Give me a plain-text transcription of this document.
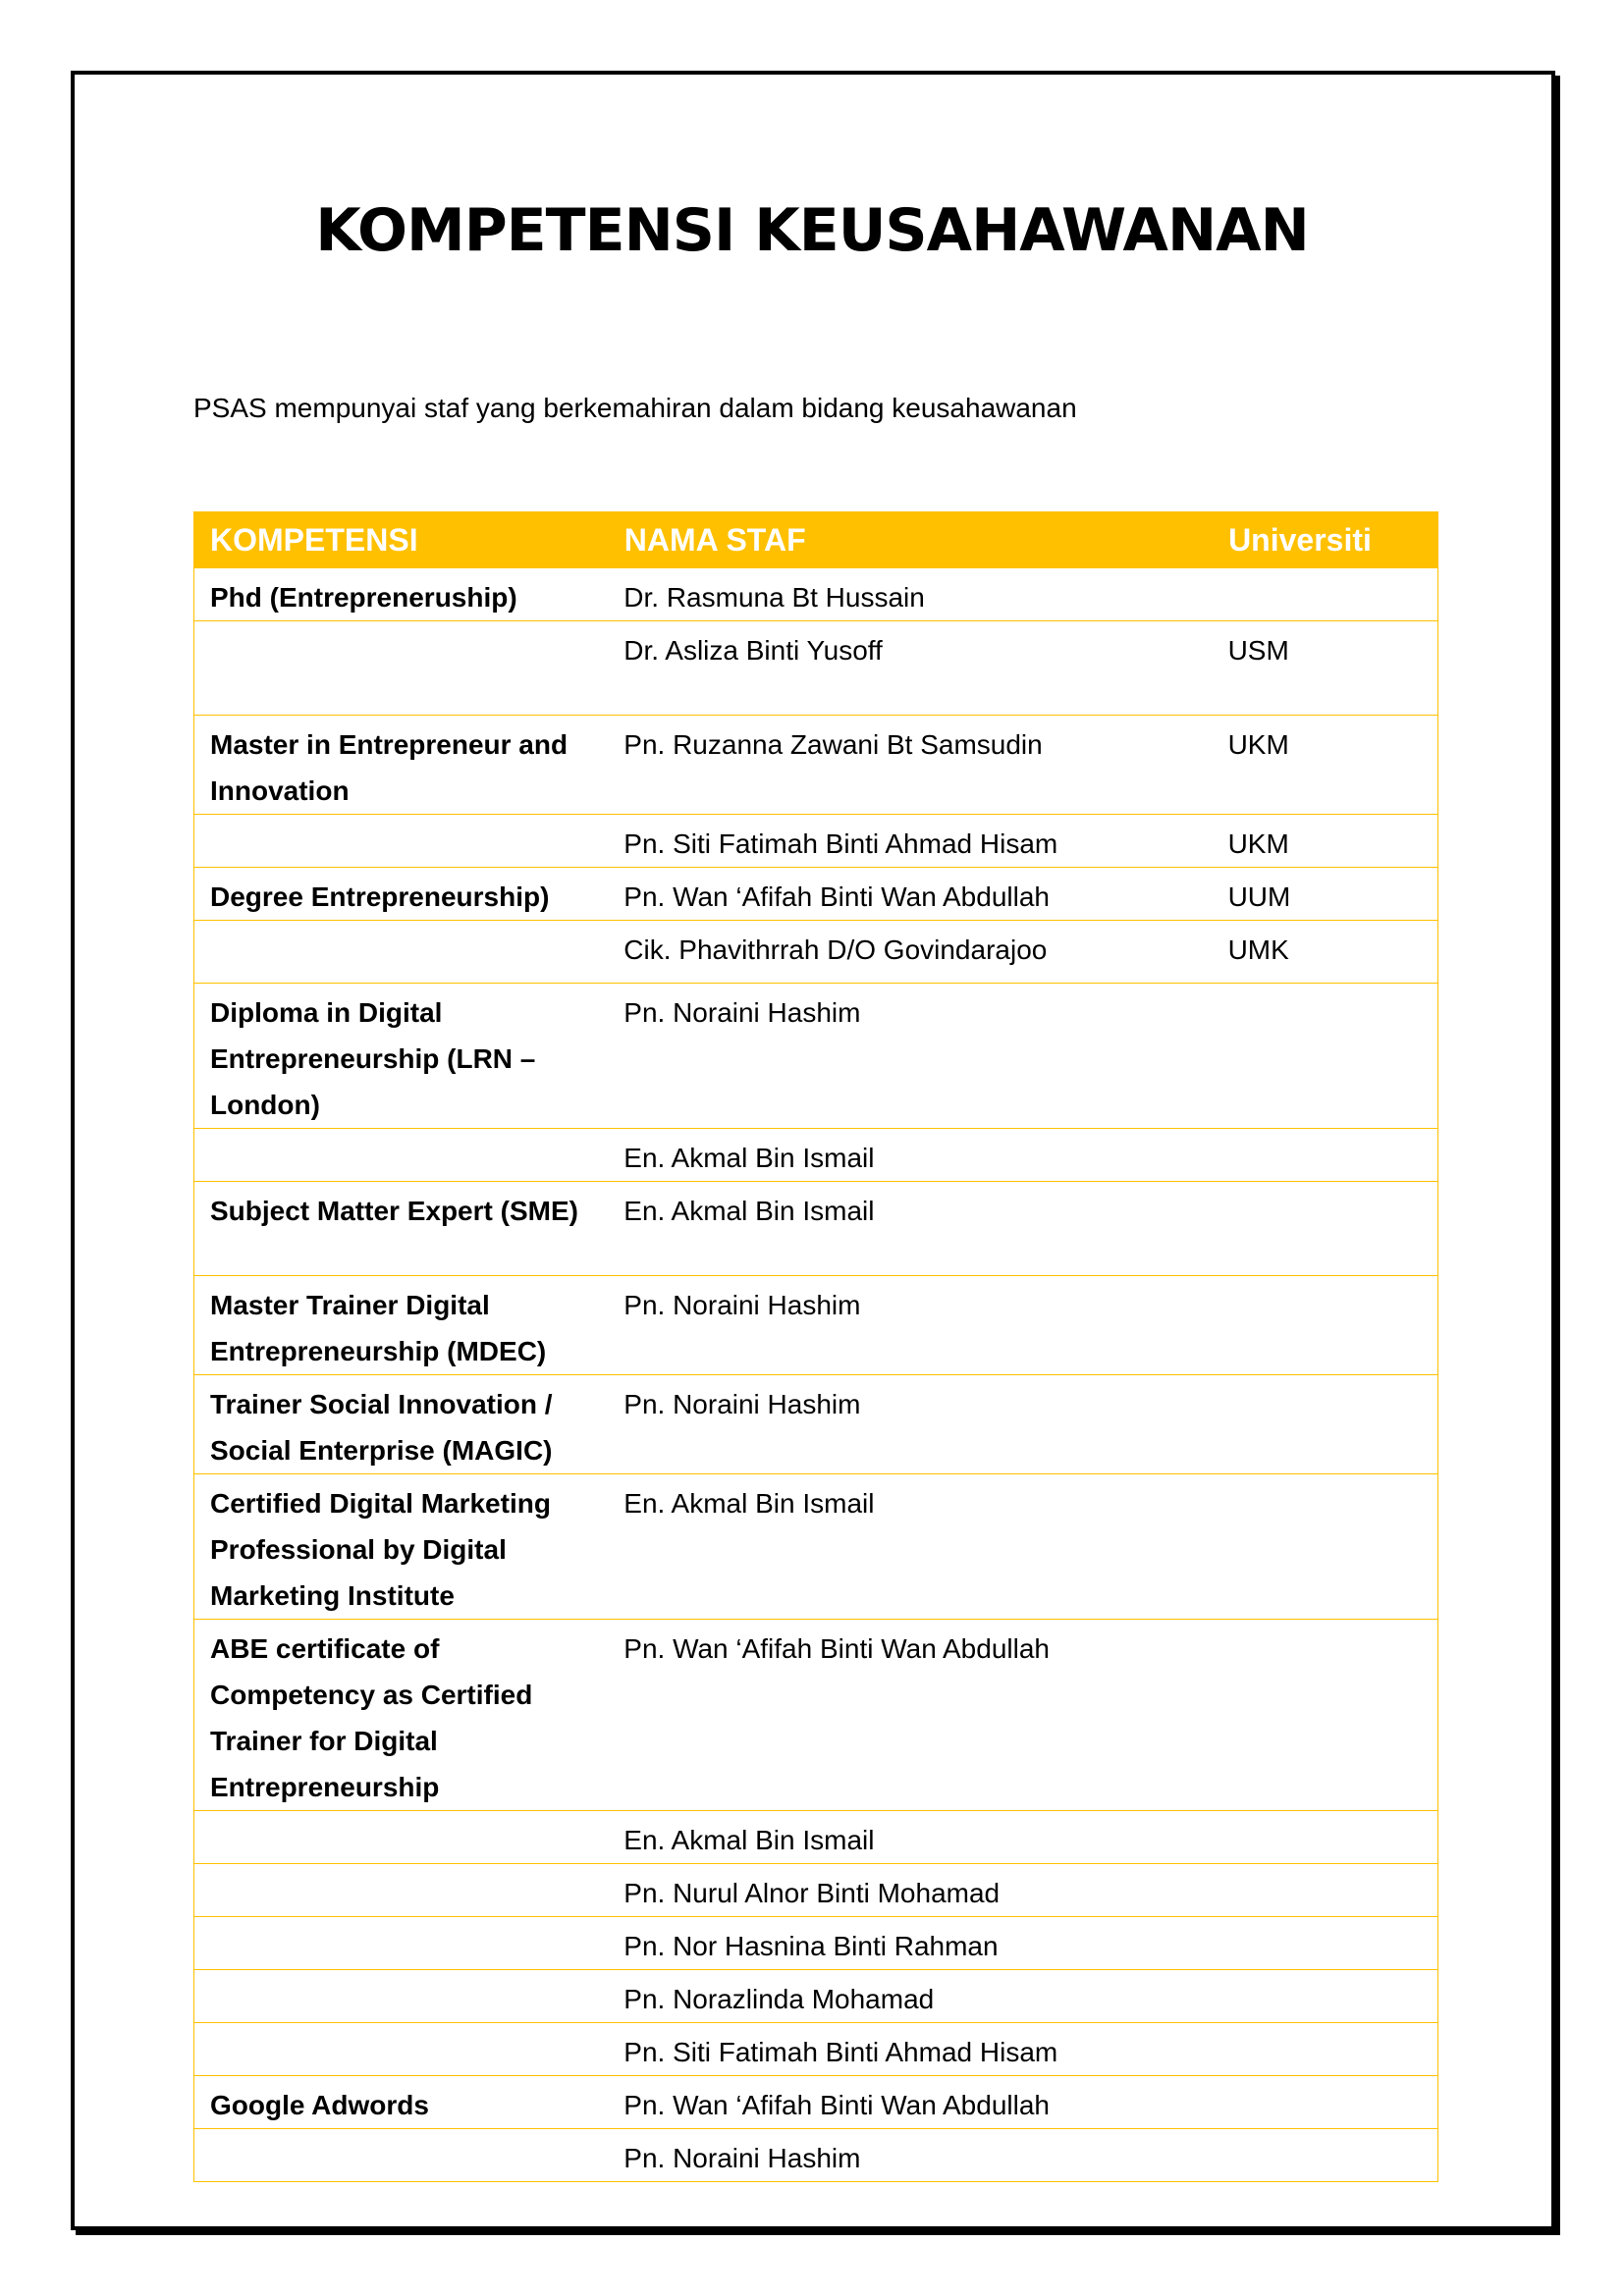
KOMPETENSI KEUSAHAWANAN

PSAS mempunyai staf yang berkemahiran dalam bidang keusahawanan

KOMPETENSI	NAMA STAF	Universiti
Phd (Entrepreneruship)	Dr. Rasmuna Bt Hussain	
	Dr. Asliza Binti Yusoff	USM
Master in Entrepreneur and Innovation	Pn. Ruzanna Zawani Bt Samsudin	UKM
	Pn. Siti Fatimah Binti Ahmad Hisam	UKM
Degree Entrepreneurship)	Pn. Wan ‘Afifah Binti Wan Abdullah	UUM
	Cik. Phavithrrah D/O Govindarajoo	UMK
Diploma in Digital Entrepreneurship (LRN – London)	Pn. Noraini Hashim	
	En. Akmal Bin Ismail	
Subject Matter Expert (SME)	En. Akmal Bin Ismail	
Master Trainer Digital Entrepreneurship (MDEC)	Pn. Noraini Hashim	
Trainer Social Innovation / Social Enterprise (MAGIC)	Pn. Noraini Hashim	
Certified Digital Marketing Professional by Digital Marketing Institute	En. Akmal Bin Ismail	
ABE certificate of Competency as Certified Trainer for Digital Entrepreneurship	Pn. Wan ‘Afifah Binti Wan Abdullah	
	En. Akmal Bin Ismail	
	Pn. Nurul Alnor Binti Mohamad	
	Pn. Nor Hasnina Binti Rahman	
	Pn. Norazlinda Mohamad	
	Pn. Siti Fatimah Binti Ahmad Hisam	
Google Adwords	Pn. Wan ‘Afifah Binti Wan Abdullah	
	Pn. Noraini Hashim	
